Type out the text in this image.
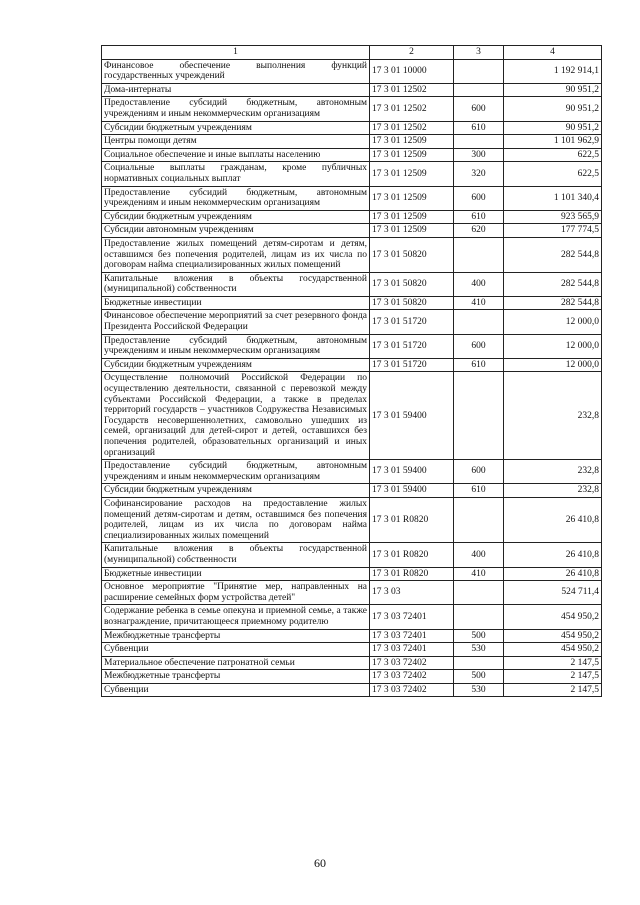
1	2	3	4
Финансовое обеспечение выполнения функций государственных учреждений	17 3 01 10000		1 192 914,1
Дома-интернаты	17 3 01 12502		90 951,2
Предоставление субсидий бюджетным, автономным учреждениям и иным некоммерческим организациям	17 3 01 12502	600	90 951,2
Субсидии бюджетным учреждениям	17 3 01 12502	610	90 951,2
Центры помощи детям	17 3 01 12509		1 101 962,9
Социальное обеспечение и иные выплаты населению	17 3 01 12509	300	622,5
Социальные выплаты гражданам, кроме публичных нормативных социальных выплат	17 3 01 12509	320	622,5
Предоставление субсидий бюджетным, автономным учреждениям и иным некоммерческим организациям	17 3 01 12509	600	1 101 340,4
Субсидии бюджетным учреждениям	17 3 01 12509	610	923 565,9
Субсидии автономным учреждениям	17 3 01 12509	620	177 774,5
Предоставление жилых помещений детям-сиротам и детям, оставшимся без попечения родителей, лицам из их числа по договорам найма специализированных жилых помещений	17 3 01 50820		282 544,8
Капитальные вложения в объекты государственной (муниципальной) собственности	17 3 01 50820	400	282 544,8
Бюджетные инвестиции	17 3 01 50820	410	282 544,8
Финансовое обеспечение мероприятий за счет резервного фонда Президента Российской Федерации	17 3 01 51720		12 000,0
Предоставление субсидий бюджетным, автономным учреждениям и иным некоммерческим организациям	17 3 01 51720	600	12 000,0
Субсидии бюджетным учреждениям	17 3 01 51720	610	12 000,0
Осуществление полномочий Российской Федерации по осуществлению деятельности, связанной с перевозкой между субъектами Российской Федерации, а также в пределах территорий государств – участников Содружества Независимых Государств несовершеннолетних, самовольно ушедших из семей, организаций для детей-сирот и детей, оставшихся без попечения родителей, образовательных организаций и иных организаций	17 3 01 59400		232,8
Предоставление субсидий бюджетным, автономным учреждениям и иным некоммерческим организациям	17 3 01 59400	600	232,8
Субсидии бюджетным учреждениям	17 3 01 59400	610	232,8
Софинансирование расходов на предоставление жилых помещений детям-сиротам и детям, оставшимся без попечения родителей, лицам из их числа по договорам найма специализированных жилых помещений	17 3 01 R0820		26 410,8
Капитальные вложения в объекты государственной (муниципальной) собственности	17 3 01 R0820	400	26 410,8
Бюджетные инвестиции	17 3 01 R0820	410	26 410,8
Основное мероприятие "Принятие мер, направленных на расширение семейных форм устройства детей"	17 3 03		524 711,4
Содержание ребенка в семье опекуна и приемной семье, а также вознаграждение, причитающееся приемному родителю	17 3 03 72401		454 950,2
Межбюджетные трансферты	17 3 03 72401	500	454 950,2
Субвенции	17 3 03 72401	530	454 950,2
Материальное обеспечение патронатной семьи	17 3 03 72402		2 147,5
Межбюджетные трансферты	17 3 03 72402	500	2 147,5
Субвенции	17 3 03 72402	530	2 147,5
60
